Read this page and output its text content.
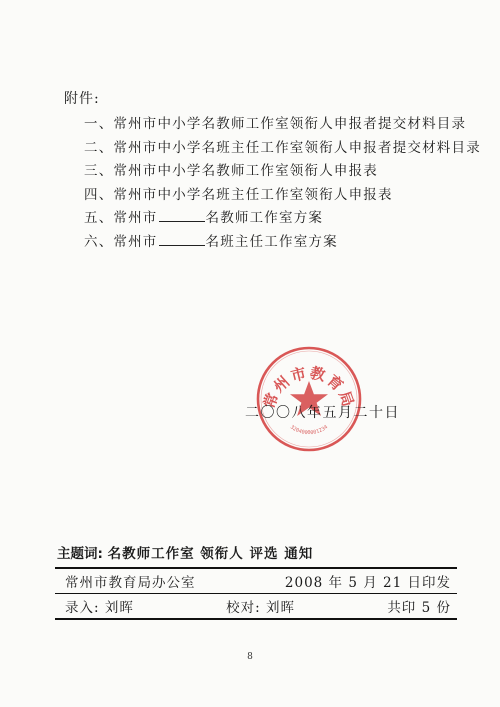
附件:
一、常州市中小学名教师工作室领衔人申报者提交材料目录
二、常州市中小学名班主任工作室领衔人申报者提交材料目录
三、常州市中小学名教师工作室领衔人申报表
四、常州市中小学名班主任工作室领衔人申报表
五、常州市	名教师工作室方案
六、常州市	名班主任工作室方案
常州市教育局
3204000001234
二〇〇八年五月二十日
主题词: 名教师工作室 领衔人 评选 通知
常州市教育局办公室	2008 年 5 月 21 日印发
录入: 刘晖	校对: 刘晖	共印 5 份
8
